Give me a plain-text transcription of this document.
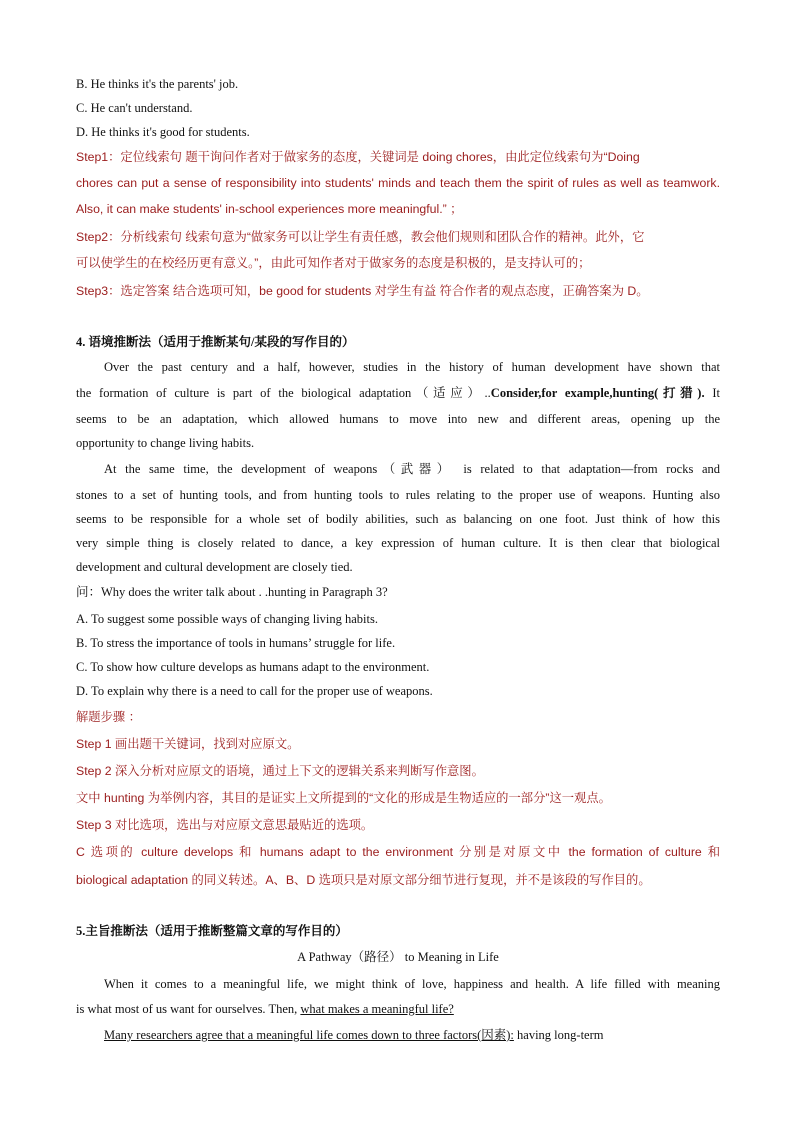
B. He thinks it's the parents' job.
C. He can't understand.
D. He thinks it's good for students.
Step1：定位线索句 题干询问作者对于做家务的态度，关键词是 doing chores，由此定位线索句为“Doing
chores can put a sense of responsibility into students' minds and teach them the spirit of rules as well as teamwork.
Also, it can make students' in-school experiences more meaningful.” ；
Step2：分析线索句 线索句意为“做家务可以让学生有责任感，教会他们规则和团队合作的精神。此外，它
可以使学生的在校经历更有意义。”，由此可知作者对于做家务的态度是积极的，是支持认可的；
Step3：选定答案 结合选项可知，be good for students 对学生有益 符合作者的观点态度，正确答案为 D。
4. 语境推断法（适用于推断某句/某段的写作目的）
Over the past century and a half, however, studies in the history of human development have shown that
the formation of culture is part of the biological adaptation（适应）..Consider,for example,hunting(打猎). It
seems to be an adaptation, which allowed humans to move into new and different areas, opening up the
opportunity to change living habits.
At the same time, the development of weapons（武器） is related to that adaptation—from rocks and
stones to a set of hunting tools, and from hunting tools to rules relating to the proper use of weapons. Hunting also
seems to be responsible for a whole set of bodily abilities, such as balancing on one foot. Just think of how this
very simple thing is closely related to dance, a key expression of human culture. It is then clear that biological
development and cultural development are closely tied.
问：Why does the writer talk about . .hunting in Paragraph 3?
A. To suggest some possible ways of changing living habits.
B. To stress the importance of tools in humans’ struggle for life.
C. To show how culture develops as humans adapt to the environment.
D. To explain why there is a need to call for the proper use of weapons.
解题步骤 ：
Step 1 画出题干关键词，找到对应原文。
Step 2 深入分析对应原文的语境，通过上下文的逻辑关系来判断写作意图。
文中 hunting 为举例内容，其目的是证实上文所提到的“文化的形成是生物适应的一部分”这一观点。
Step 3 对比选项，选出与对应原文意思最贴近的选项。
C 选项的 culture develops 和 humans adapt to the environment 分别是对原文中 the formation of culture 和
biological adaptation 的同义转述。A、B、D 选项只是对原文部分细节进行复现，并不是该段的写作目的。
5.主旨推断法（适用于推断整篇文章的写作目的）
A Pathway（路径） to Meaning in Life
When it comes to a meaningful life, we might think of love, happiness and health. A life filled with meaning
is what most of us want for ourselves. Then, what makes a meaningful life?
Many researchers agree that a meaningful life comes down to three factors(因素): having long-term
